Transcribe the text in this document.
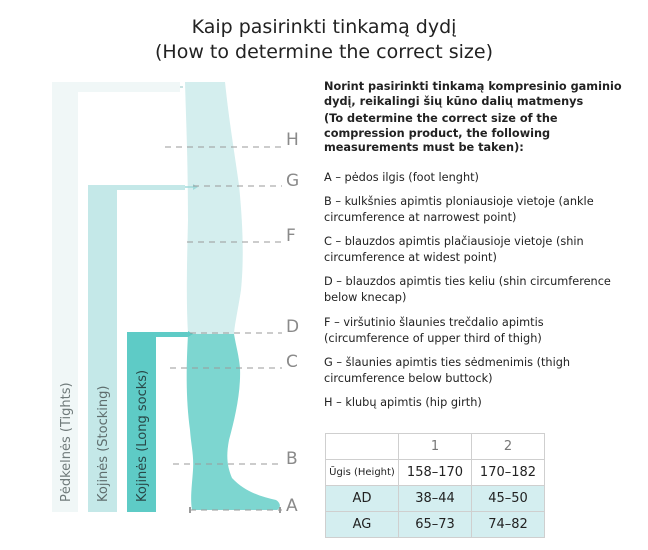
Kaip pasirinkti tinkamą dydį
(How to determine the correct size)
H
G
F
D
C
B
A
Pėdkelnės (Tights) Kojinės (Stocking) Kojinės (Long socks)
Norint pasirinkti tinkamą kompresinio gaminio dydį, reikalingi šių kūno dalių matmenys
(To determine the correct size of the compression product, the following measurements must be taken):
A – pėdos ilgis (foot lenght)
B – kulkšnies apimtis ploniausioje vietoje (ankle circumference at narrowest point)
C – blauzdos apimtis plačiausioje vietoje (shin circumference at widest point)
D – blauzdos apimtis ties keliu (shin circumference below knecap)
F – viršutinio šlaunies trečdalio apimtis (circumference of upper third of thigh)
G – šlaunies apimtis ties sėdmenimis (thigh circumference below buttock)
H – klubų apimtis (hip girth)
	1	2
Ūgis (Height)	158–170	170–182
AD	38–44	45–50
AG	65–73	74–82
